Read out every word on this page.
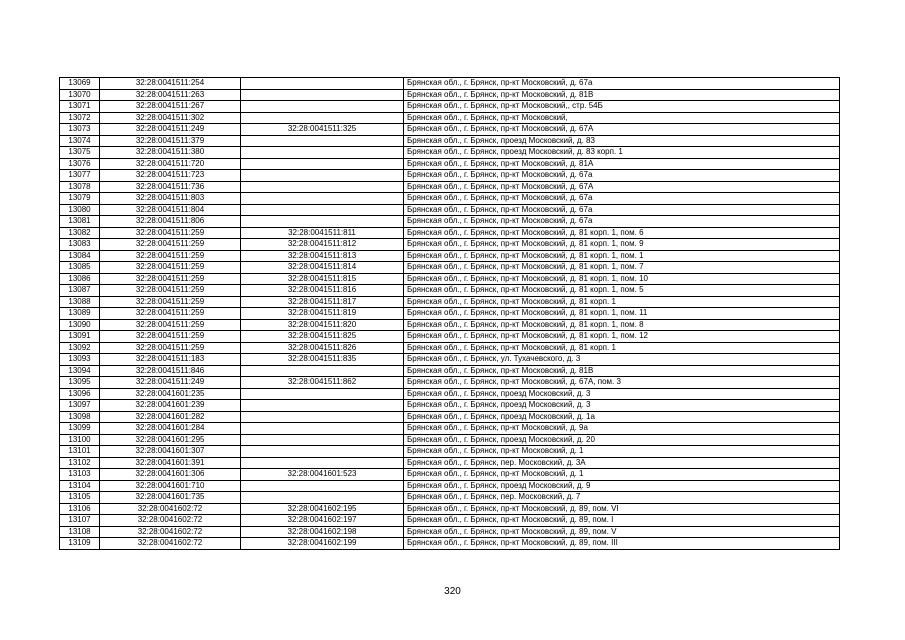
13069	32:28:0041511:254		Брянская обл., г. Брянск, пр-кт Московский, д. 67а
13070	32:28:0041511:263		Брянская обл., г. Брянск, пр-кт Московский, д. 81В
13071	32:28:0041511:267		Брянская обл., г. Брянск, пр-кт Московский,, стр. 54Б
13072	32:28:0041511:302		Брянская обл., г. Брянск, пр-кт Московский,
13073	32:28:0041511:249	32:28:0041511:325	Брянская обл., г. Брянск, пр-кт Московский, д. 67А
13074	32:28:0041511:379		Брянская обл., г. Брянск, проезд Московский, д. 83
13075	32:28:0041511:380		Брянская обл., г. Брянск, проезд Московский, д. 83 корп. 1
13076	32:28:0041511:720		Брянская обл., г. Брянск, пр-кт Московский, д. 81А
13077	32:28:0041511:723		Брянская обл., г. Брянск, пр-кт Московский, д. 67а
13078	32:28:0041511:736		Брянская обл., г. Брянск, пр-кт Московский, д. 67А
13079	32:28:0041511:803		Брянская обл., г. Брянск, пр-кт Московский, д. 67а
13080	32:28:0041511:804		Брянская обл., г. Брянск, пр-кт Московский, д. 67а
13081	32:28:0041511:806		Брянская обл., г. Брянск, пр-кт Московский, д. 67а
13082	32:28:0041511:259	32:28:0041511:811	Брянская обл., г. Брянск, пр-кт Московский, д. 81 корп. 1, пом. 6
13083	32:28:0041511:259	32:28:0041511:812	Брянская обл., г. Брянск, пр-кт Московский, д. 81 корп. 1, пом. 9
13084	32:28:0041511:259	32:28:0041511:813	Брянская обл., г. Брянск, пр-кт Московский, д. 81 корп. 1, пом. 1
13085	32:28:0041511:259	32:28:0041511:814	Брянская обл., г. Брянск, пр-кт Московский, д. 81 корп. 1, пом. 7
13086	32:28:0041511:259	32:28:0041511:815	Брянская обл., г. Брянск, пр-кт Московский, д. 81 корп. 1, пом. 10
13087	32:28:0041511:259	32:28:0041511:816	Брянская обл., г. Брянск, пр-кт Московский, д. 81 корп. 1, пом. 5
13088	32:28:0041511:259	32:28:0041511:817	Брянская обл., г. Брянск, пр-кт Московский, д. 81 корп. 1
13089	32:28:0041511:259	32:28:0041511:819	Брянская обл., г. Брянск, пр-кт Московский, д. 81 корп. 1, пом. 11
13090	32:28:0041511:259	32:28:0041511:820	Брянская обл., г. Брянск, пр-кт Московский, д. 81 корп. 1, пом. 8
13091	32:28:0041511:259	32:28:0041511:825	Брянская обл., г. Брянск, пр-кт Московский, д. 81 корп. 1, пом. 12
13092	32:28:0041511:259	32:28:0041511:826	Брянская обл., г. Брянск, пр-кт Московский, д. 81 корп. 1
13093	32:28:0041511:183	32:28:0041511:835	Брянская обл., г. Брянск, ул. Тухачевского, д. 3
13094	32:28:0041511:846		Брянская обл., г. Брянск, пр-кт Московский, д. 81В
13095	32:28:0041511:249	32:28:0041511:862	Брянская обл., г. Брянск, пр-кт Московский, д. 67А, пом. 3
13096	32:28:0041601:235		Брянская обл., г. Брянск, проезд Московский, д. 3
13097	32:28:0041601:239		Брянская обл., г. Брянск, проезд Московский, д. 3
13098	32:28:0041601:282		Брянская обл., г. Брянск, проезд Московский, д. 1а
13099	32:28:0041601:284		Брянская обл., г. Брянск, пр-кт Московский, д. 9а
13100	32:28:0041601:295		Брянская обл., г. Брянск, проезд Московский, д. 20
13101	32:28:0041601:307		Брянская обл., г. Брянск, пр-кт Московский, д. 1
13102	32:28:0041601:391		Брянская обл., г. Брянск, пер. Московский, д. 3А
13103	32:28:0041601:306	32:28:0041601:523	Брянская обл., г. Брянск, пр-кт Московский, д. 1
13104	32:28:0041601:710		Брянская обл., г. Брянск, проезд Московский, д. 9
13105	32:28:0041601:735		Брянская обл., г. Брянск, пер. Московский, д. 7
13106	32:28:0041602:72	32:28:0041602:195	Брянская обл., г. Брянск, пр-кт Московский, д. 89, пом. VI
13107	32:28:0041602:72	32:28:0041602:197	Брянская обл., г. Брянск, пр-кт Московский, д. 89, пом. I
13108	32:28:0041602:72	32:28:0041602:198	Брянская обл., г. Брянск, пр-кт Московский, д. 89, пом. V
13109	32:28:0041602:72	32:28:0041602:199	Брянская обл., г. Брянск, пр-кт Московский, д. 89, пом. III
320
